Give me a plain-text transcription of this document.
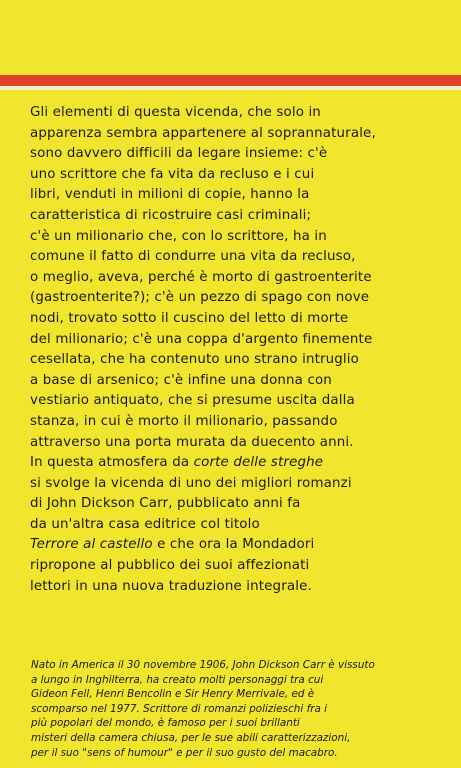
Gli elementi di questa vicenda, che solo in
apparenza sembra appartenere al soprannaturale,
sono davvero difficili da legare insieme: c'è
uno scrittore che fa vita da recluso e i cui
libri, venduti in milioni di copie, hanno la
caratteristica di ricostruire casi criminali;
c'è un milionario che, con lo scrittore, ha in
comune il fatto di condurre una vita da recluso,
o meglio, aveva, perché è morto di gastroenterite
(gastroenterite?); c'è un pezzo di spago con nove
nodi, trovato sotto il cuscino del letto di morte
del milionario; c'è una coppa d'argento finemente
cesellata, che ha contenuto uno strano intruglio
a base di arsenico; c'è infine una donna con
vestiario antiquato, che si presume uscita dalla
stanza, in cui è morto il milionario, passando
attraverso una porta murata da duecento anni.
In questa atmosfera da corte delle streghe
si svolge la vicenda di uno dei migliori romanzi
di John Dickson Carr, pubblicato anni fa
da un'altra casa editrice col titolo
Terrore al castello e che ora la Mondadori
ripropone al pubblico dei suoi affezionati
lettori in una nuova traduzione integrale.
Nato in America il 30 novembre 1906, John Dickson Carr è vissuto
a lungo in Inghilterra, ha creato molti personaggi tra cui
Gideon Fell, Henri Bencolin e Sir Henry Merrivale, ed è
scomparso nel 1977. Scrittore di romanzi polizieschi fra i
più popolari del mondo, è famoso per i suoi brillanti
misteri della camera chiusa, per le sue abili caratterizzazioni,
per il suo "sens of humour" e per il suo gusto del macabro.
